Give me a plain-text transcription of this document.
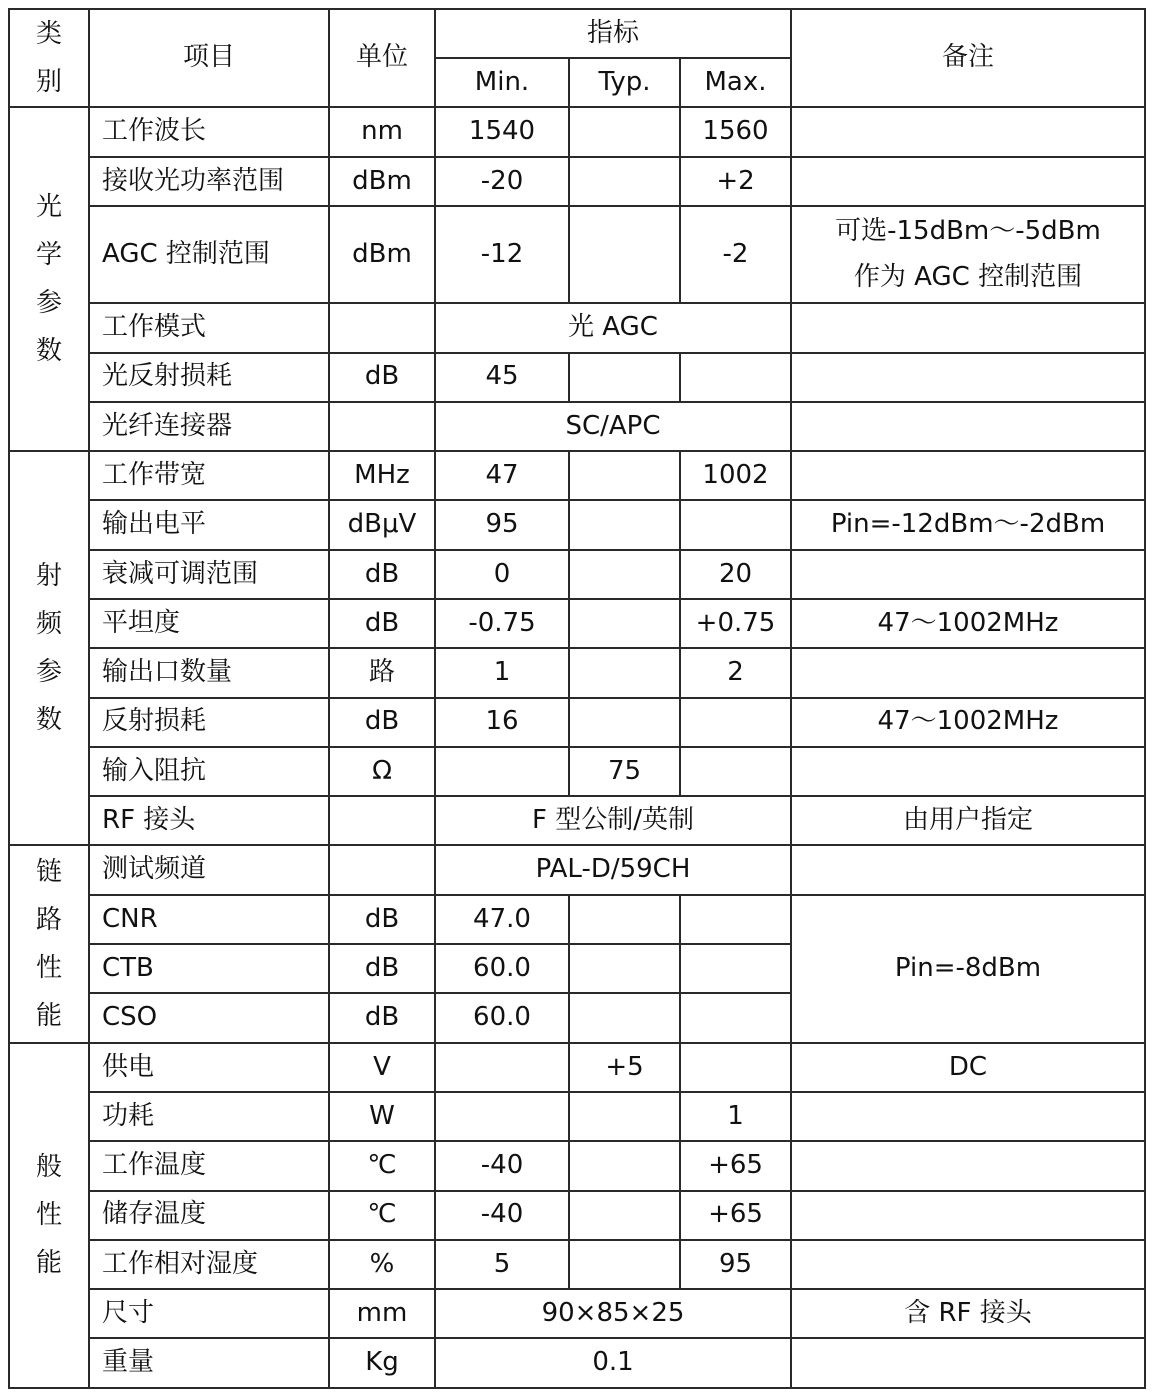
类
别	项目	单位	指标			备注
			Min.	Typ.	Max.	

光
学
参
数	工作波长	nm	1540		1560	
	接收光功率范围	dBm	-20		+2	
	AGC 控制范围	dBm	-12		-2	可选-15dBm～-5dBm
作为 AGC 控制范围

	工作模式		光 AGC			
	光反射损耗	dB	45			
	光纤连接器		SC/APC			

射
频
参
数	工作带宽	MHz	47		1002	
	输出电平	dBμV	95			Pin=-12dBm～-2dBm
	衰减可调范围	dB	0		20	
	平坦度	dB	-0.75		+0.75	47～1002MHz
	输出口数量	路	1		2	
	反射损耗	dB	16			47～1002MHz
	输入阻抗	Ω		75		
	RF 接头		F 型公制/英制			由用户指定

链
路
性
能	测试频道		PAL-D/59CH			
	CNR	dB	47.0			Pin=-8dBm
	CTB	dB	60.0			
	CSO	dB	60.0			

般
性
能	供电	V		+5		DC
	功耗	W			1	
	工作温度	℃	-40		+65	
	储存温度	℃	-40		+65	
	工作相对湿度	%	5		95	
	尺寸	mm	90×85×25			含 RF 接头
	重量	Kg	0.1			
